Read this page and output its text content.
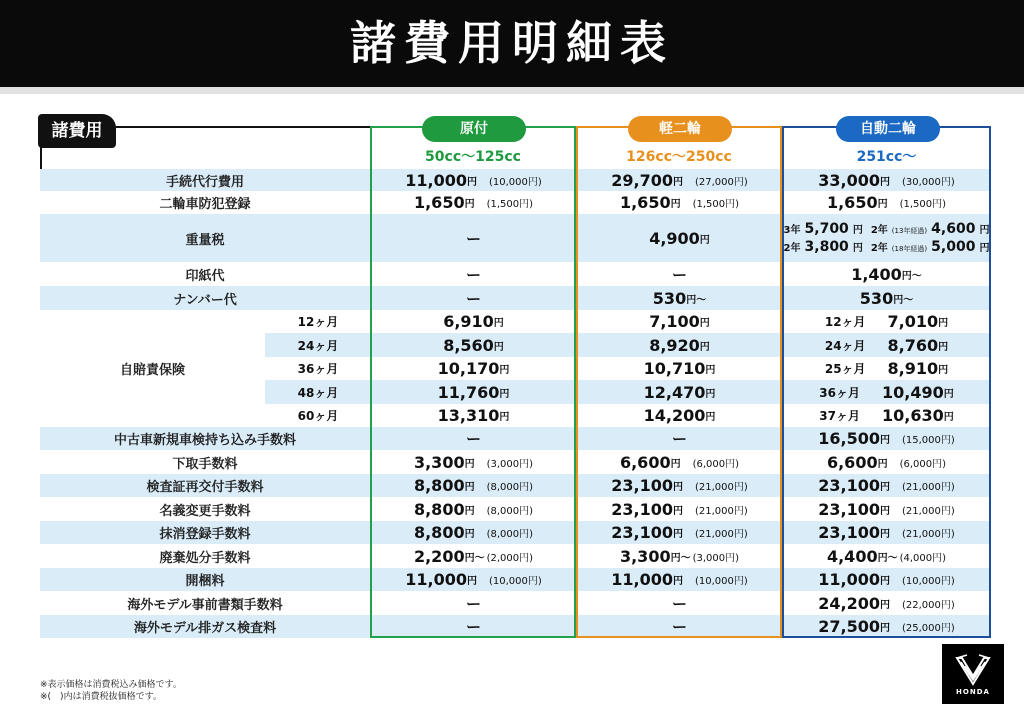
諸費用明細表
諸費用
手続代行費用	11,000 円 (10,000円)	29,700 円 (27,000円)	33,000 円 (30,000円)
二輪車防犯登録	1,650 円 (1,500円)	1,650 円 (1,500円)	1,650 円 (1,500円)
重量税	ー	4,900 円
3年 5,700 円 2年 (13年経過) 4,600 円
2年 3,800 円 2年 (18年経過) 5,000 円
印紙代	ー	ー	1,400 円 ～
ナンバー代	ー	530 円 ～	530 円 ～
12ヶ月	6,910 円	7,100 円	12ヶ月 7,010 円
24ヶ月	8,560 円	8,920 円	24ヶ月 8,760 円
36ヶ月	10,170 円	10,710 円	25ヶ月 8,910 円
48ヶ月	11,760 円	12,470 円	36ヶ月 10,490 円
60ヶ月	13,310 円	14,200 円	37ヶ月 10,630 円
中古車新規車検持ち込み手数料	ー	ー	16,500 円 (15,000円)
下取手数料	3,300 円 (3,000円)	6,600 円 (6,000円)	6,600 円 (6,000円)
検査証再交付手数料	8,800 円 (8,000円)	23,100 円 (21,000円)	23,100 円 (21,000円)
名義変更手数料	8,800 円 (8,000円)	23,100 円 (21,000円)	23,100 円 (21,000円)
抹消登録手数料	8,800 円 (8,000円)	23,100 円 (21,000円)	23,100 円 (21,000円)
廃棄処分手数料	2,200 円 ～ (2,000円)	3,300 円 ～ (3,000円)	4,400 円 ～ (4,000円)
開梱料	11,000 円 (10,000円)	11,000 円 (10,000円)	11,000 円 (10,000円)
海外モデル事前書類手数料	ー	ー	24,200 円 (22,000円)
海外モデル排ガス検査料	ー	ー	27,500 円 (25,000円)
自賠責保険
原付	軽二輪	自動二輪
50cc～125cc	126cc～250cc	251cc～
※表示価格は消費税込み価格です。
※(　)内は消費税抜価格です。	HONDA
